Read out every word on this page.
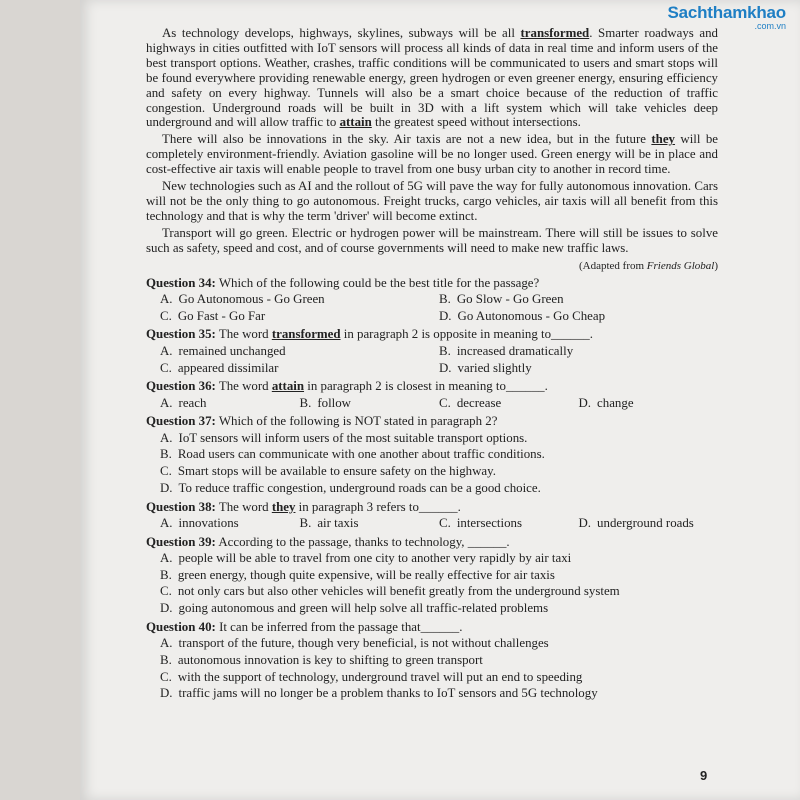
Sachthamkhao
.com.vn

As technology develops, highways, skylines, subways will be all transformed. Smarter roadways and highways in cities outfitted with IoT sensors will process all kinds of data in real time and inform users of the best transport options. Weather, crashes, traffic conditions will be communicated to users and smart stops will be found everywhere providing renewable energy, green hydrogen or even greener energy, ensuring efficiency and safety on every highway. Tunnels will also be a smart choice because of the reduction of traffic congestion. Underground roads will be built in 3D with a lift system which will take vehicles deep underground and will allow traffic to attain the greatest speed without intersections.

There will also be innovations in the sky. Air taxis are not a new idea, but in the future they will be completely environment-friendly. Aviation gasoline will be no longer used. Green energy will be in place and cost-effective air taxis will enable people to travel from one busy urban city to another in record time.

New technologies such as AI and the rollout of 5G will pave the way for fully autonomous innovation. Cars will not be the only thing to go autonomous. Freight trucks, cargo vehicles, air taxis will all benefit from this technology and that is why the term 'driver' will become extinct.

Transport will go green. Electric or hydrogen power will be mainstream. There will still be issues to solve such as safety, speed and cost, and of course governments will need to make new traffic laws.

(Adapted from Friends Global)
Question 34: Which of the following could be the best title for the passage?
A. Go Autonomous - Go Green	B. Go Slow - Go Green
C. Go Fast - Go Far	D. Go Autonomous - Go Cheap
Question 35: The word transformed in paragraph 2 is opposite in meaning to______.
A. remained unchanged	B. increased dramatically
C. appeared dissimilar	D. varied slightly
Question 36: The word attain in paragraph 2 is closest in meaning to______.
A. reach	B. follow	C. decrease	D. change
Question 37: Which of the following is NOT stated in paragraph 2?
A. IoT sensors will inform users of the most suitable transport options.
B. Road users can communicate with one another about traffic conditions.
C. Smart stops will be available to ensure safety on the highway.
D. To reduce traffic congestion, underground roads can be a good choice.
Question 38: The word they in paragraph 3 refers to______.
A. innovations	B. air taxis	C. intersections	D. underground roads
Question 39: According to the passage, thanks to technology, ______.
A. people will be able to travel from one city to another very rapidly by air taxi
B. green energy, though quite expensive, will be really effective for air taxis
C. not only cars but also other vehicles will benefit greatly from the underground system
D. going autonomous and green will help solve all traffic-related problems
Question 40: It can be inferred from the passage that______.
A. transport of the future, though very beneficial, is not without challenges
B. autonomous innovation is key to shifting to green transport
C. with the support of technology, underground travel will put an end to speeding
D. traffic jams will no longer be a problem thanks to IoT sensors and 5G technology
9
